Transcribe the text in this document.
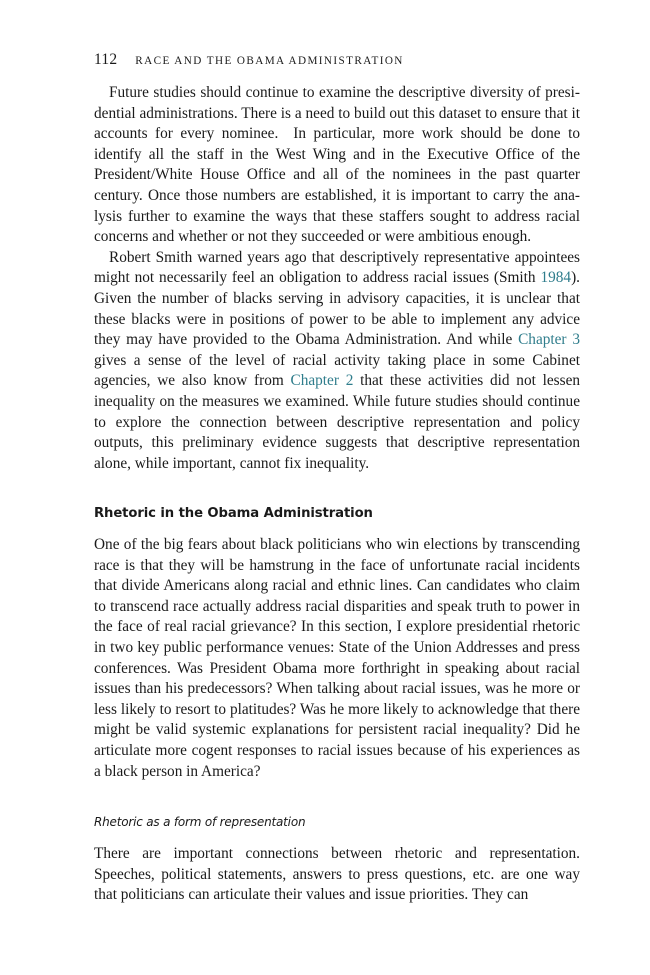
112 RACE AND THE OBAMA ADMINISTRATION

Future studies should continue to examine the descriptive diversity of presidential administrations. There is a need to build out this dataset to ensure that it accounts for every nominee.  In particular, more work should be done to identify all the staff in the West Wing and in the Executive Office of the President/White House Office and all of the nominees in the past quarter century. Once those numbers are established, it is important to carry the analysis further to examine the ways that these staffers sought to address racial concerns and whether or not they succeeded or were ambitious enough.

Robert Smith warned years ago that descriptively representative appointees might not necessarily feel an obligation to address racial issues (Smith 1984). Given the number of blacks serving in advisory capacities, it is unclear that these blacks were in positions of power to be able to implement any advice they may have provided to the Obama Administration. And while Chapter 3 gives a sense of the level of racial activity taking place in some Cabinet agencies, we also know from Chapter 2 that these activities did not lessen inequality on the measures we examined. While future studies should continue to explore the connection between descriptive representation and policy outputs, this preliminary evidence suggests that descriptive representation alone, while important, cannot fix inequality.

Rhetoric in the Obama Administration

One of the big fears about black politicians who win elections by transcending race is that they will be hamstrung in the face of unfortunate racial incidents that divide Americans along racial and ethnic lines. Can candidates who claim to transcend race actually address racial disparities and speak truth to power in the face of real racial grievance? In this section, I explore presidential rhetoric in two key public performance venues: State of the Union Addresses and press conferences. Was President Obama more forthright in speaking about racial issues than his predecessors? When talking about racial issues, was he more or less likely to resort to platitudes? Was he more likely to acknowledge that there might be valid systemic explanations for persistent racial inequality? Did he articulate more cogent responses to racial issues because of his experiences as a black person in America?

Rhetoric as a form of representation

There are important connections between rhetoric and representation. Speeches, political statements, answers to press questions, etc. are one way that politicians can articulate their values and issue priorities. They can
